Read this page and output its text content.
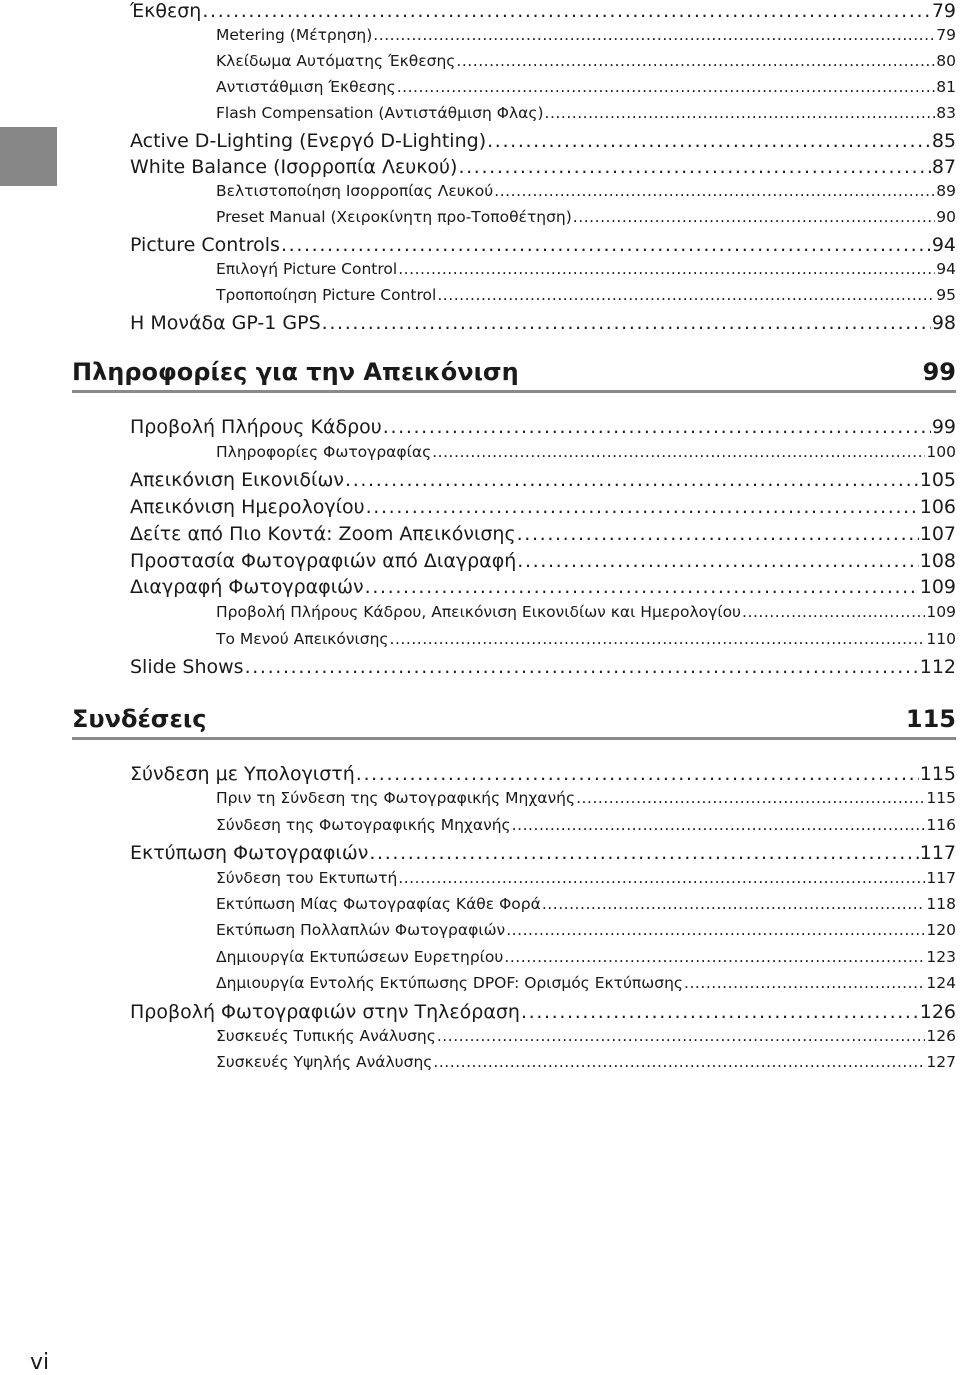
Έκθεση . . .	79
Metering (Μέτρηση) . . .	79
Κλείδωμα Αυτόματης Έκθεσης . . .	80
Αντιστάθμιση Έκθεσης . . .	81
Flash Compensation (Αντιστάθμιση Φλας) . . .	83
Active D-Lighting (Ενεργό D-Lighting) . . .	85
White Balance (Ισορροπία Λευκού) . . .	87
Βελτιστοποίηση Ισορροπίας Λευκού . . .	89
Preset Manual (Χειροκίνητη προ-Τοποθέτηση) . . .	90
Picture Controls . . .	94
Επιλογή Picture Control . . .	94
Τροποποίηση Picture Control . . .	95
Η Μονάδα GP-1 GPS . . .	98
Πληροφορίες για την Απεικόνιση	99
Προβολή Πλήρους Κάδρου . . .	99
Πληροφορίες Φωτογραφίας . . .	100
Απεικόνιση Εικονιδίων . . .	105
Απεικόνιση Ημερολογίου . . .	106
Δείτε από Πιο Κοντά: Zoom Απεικόνισης . . .	107
Προστασία Φωτογραφιών από Διαγραφή . . .	108
Διαγραφή Φωτογραφιών . . .	109
Προβολή Πλήρους Κάδρου, Απεικόνιση Εικονιδίων και Ημερολογίου . . .	109
Το Μενού Απεικόνισης . . .	110
Slide Shows . . .	112
Συνδέσεις	115
Σύνδεση με Υπολογιστή . . .	115
Πριν τη Σύνδεση της Φωτογραφικής Μηχανής . . .	115
Σύνδεση της Φωτογραφικής Μηχανής . . .	116
Εκτύπωση Φωτογραφιών . . .	117
Σύνδεση του Εκτυπωτή . . .	117
Εκτύπωση Μίας Φωτογραφίας Κάθε Φορά . . .	118
Εκτύπωση Πολλαπλών Φωτογραφιών . . .	120
Δημιουργία Εκτυπώσεων Ευρετηρίου . . .	123
Δημιουργία Εντολής Εκτύπωσης DPOF: Ορισμός Εκτύπωσης . . .	124
Προβολή Φωτογραφιών στην Τηλεόραση . . .	126
Συσκευές Τυπικής Ανάλυσης . . .	126
Συσκευές Υψηλής Ανάλυσης . . .	127
vi
